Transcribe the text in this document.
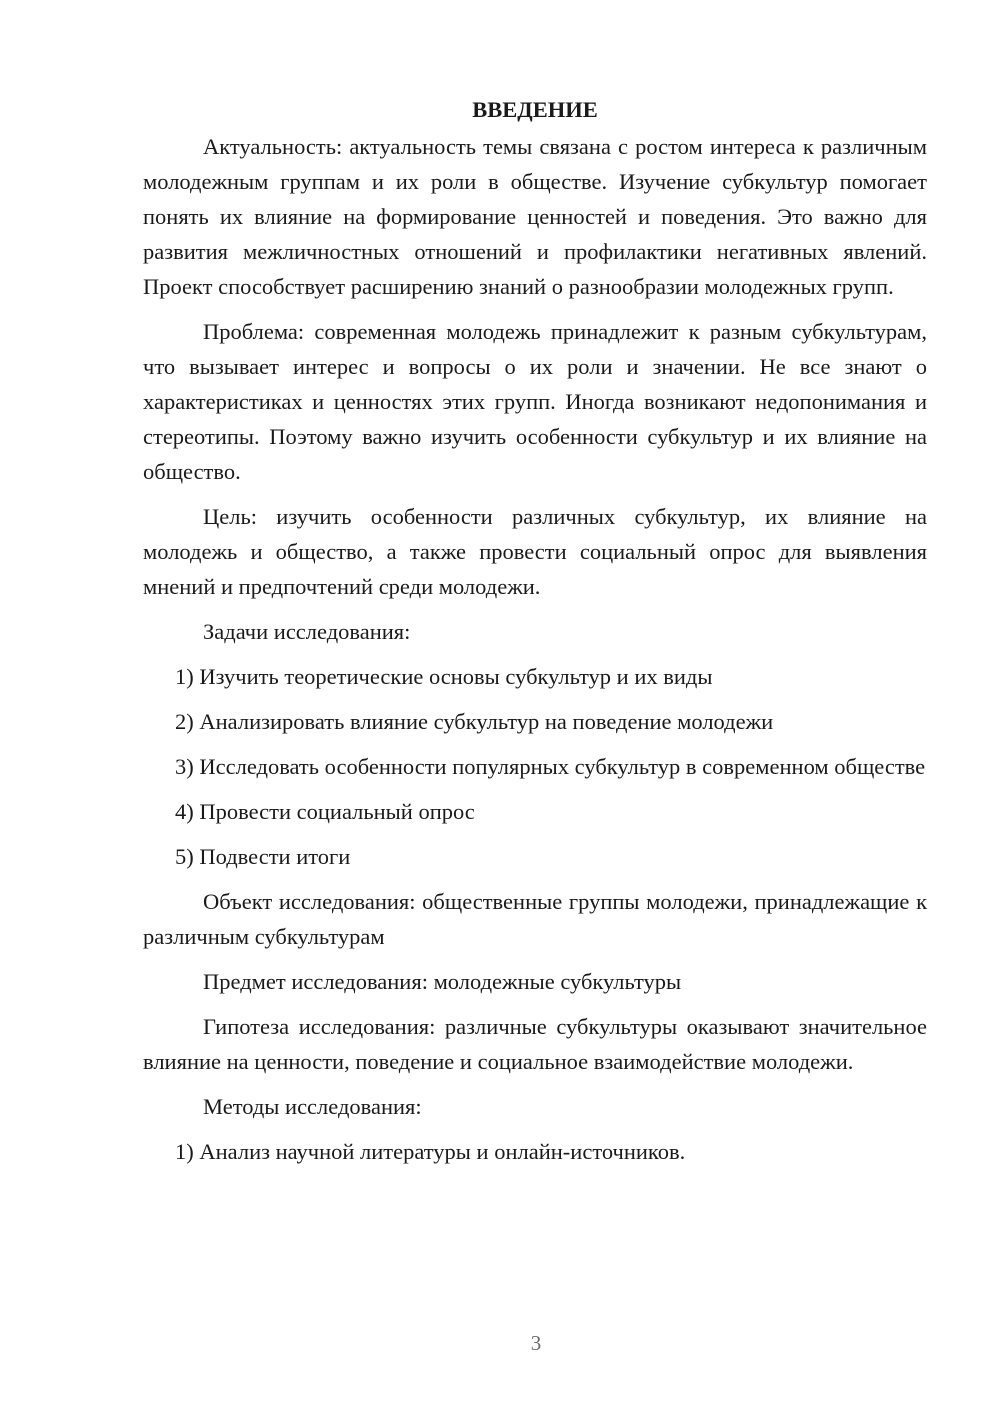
ВВЕДЕНИЕ

Актуальность: актуальность темы связана с ростом интереса к различным молодежным группам и их роли в обществе. Изучение субкультур помогает понять их влияние на формирование ценностей и поведения. Это важно для развития межличностных отношений и профилактики негативных явлений. Проект способствует расширению знаний о разнообразии молодежных групп.

Проблема: современная молодежь принадлежит к разным субкультурам, что вызывает интерес и вопросы о их роли и значении. Не все знают о характеристиках и ценностях этих групп. Иногда возникают недопонимания и стереотипы. Поэтому важно изучить особенности субкультур и их влияние на общество.

Цель: изучить особенности различных субкультур, их влияние на молодежь и общество, а также провести социальный опрос для выявления мнений и предпочтений среди молодежи.

Задачи исследования:

1) Изучить теоретические основы субкультур и их виды

2) Анализировать влияние субкультур на поведение молодежи

3) Исследовать особенности популярных субкультур в современном обществе

4) Провести социальный опрос

5) Подвести итоги

Объект исследования: общественные группы молодежи, принадлежащие к различным субкультурам

Предмет исследования: молодежные субкультуры

Гипотеза исследования: различные субкультуры оказывают значительное влияние на ценности, поведение и социальное взаимодействие молодежи.

Методы исследования:

1) Анализ научной литературы и онлайн-источников.

3
